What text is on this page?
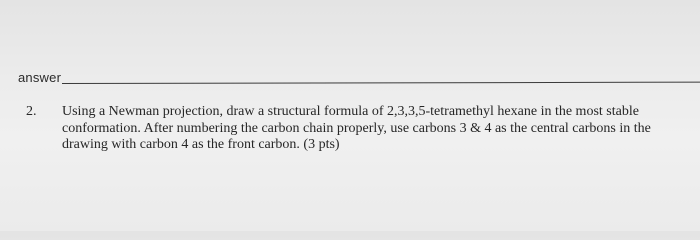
answer
2. Using a Newman projection, draw a structural formula of 2,3,3,5-tetramethyl hexane in the most stable conformation. After numbering the carbon chain properly, use carbons 3 & 4 as the central carbons in the drawing with carbon 4 as the front carbon. (3 pts)
